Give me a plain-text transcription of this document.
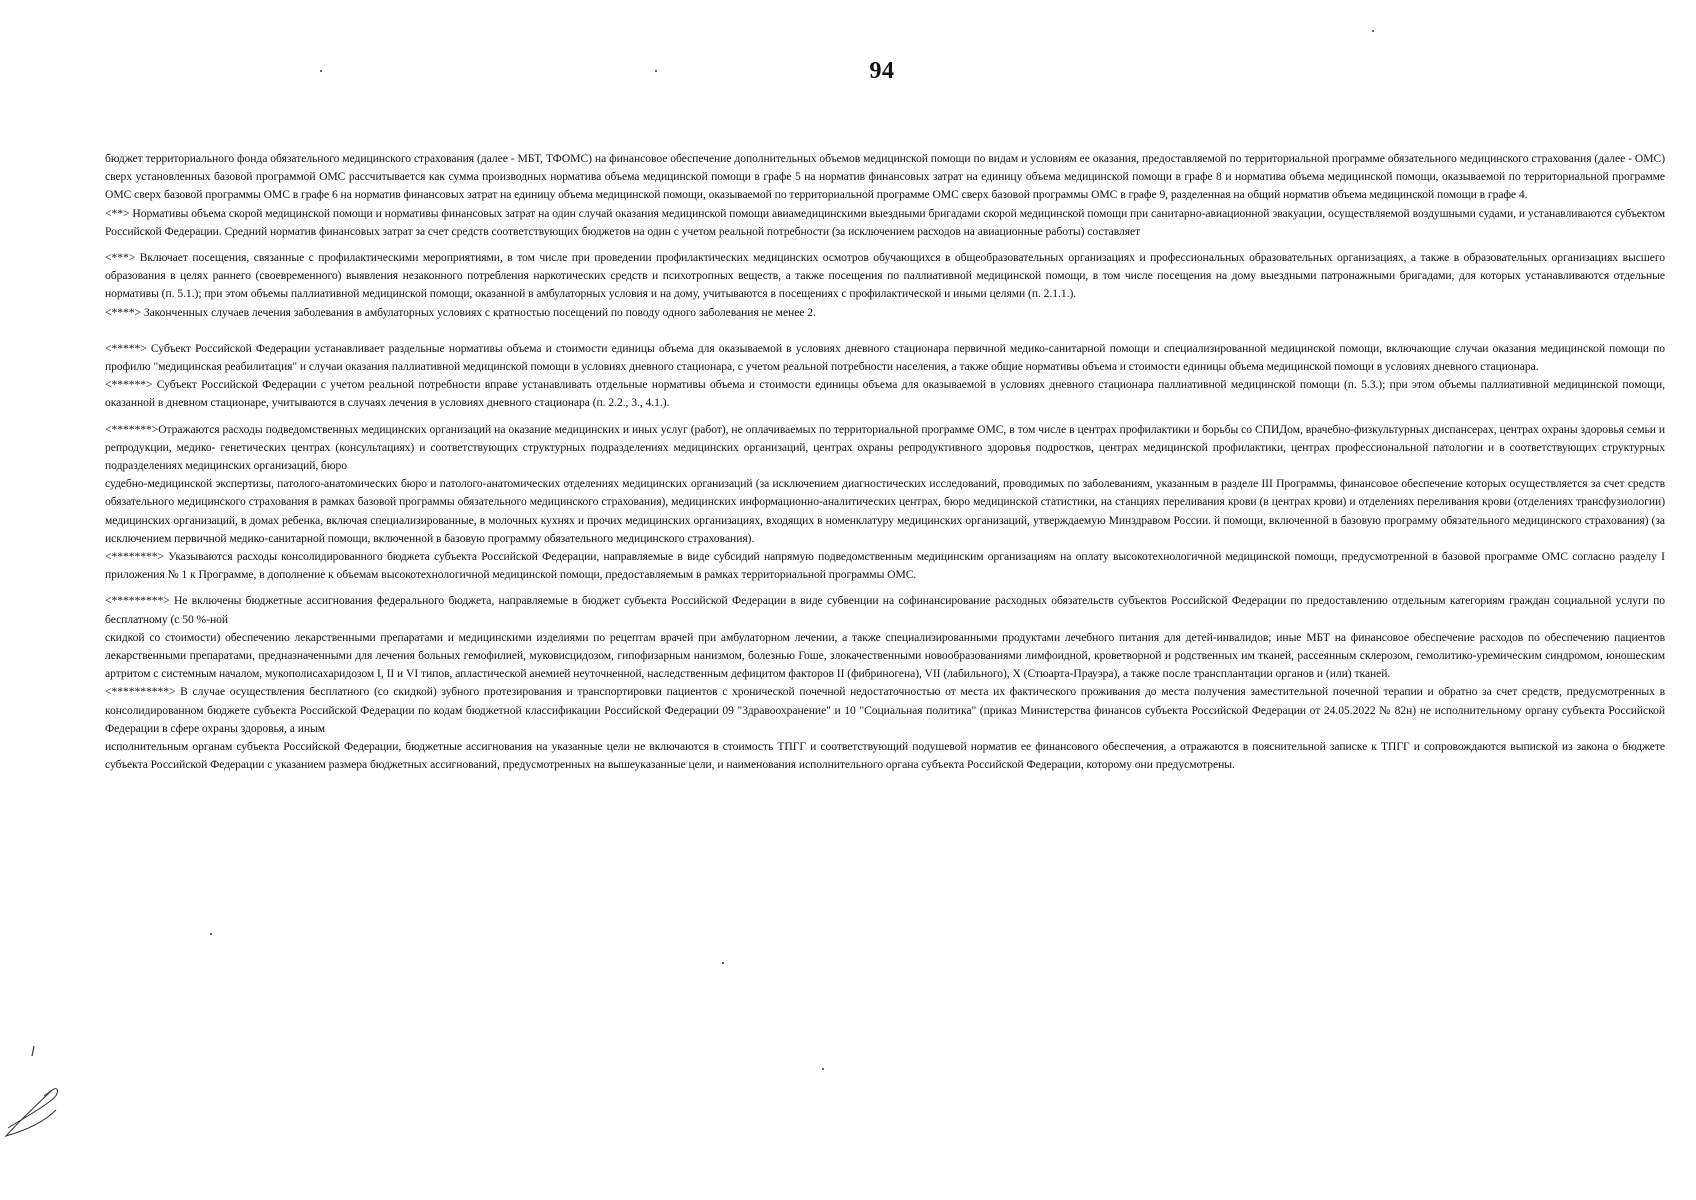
94

бюджет территориального фонда обязательного медицинского страхования (далее - МБТ, ТФОМС) на финансовое обеспечение дополнительных объемов медицинской помощи по видам и условиям ее оказания, предоставляемой по территориальной программе обязательного медицинского страхования (далее - ОМС) сверх установленных базовой программой ОМС рассчитывается как сумма производных норматива объема медицинской помощи в графе 5 на норматив финансовых затрат на единицу объема медицинской помощи в графе 8 и норматива объема медицинской помощи, оказываемой по территориальной программе ОМС сверх базовой программы ОМС в графе 6 на норматив финансовых затрат на единицу объема медицинской помощи, оказываемой по территориальной программе ОМС сверх базовой программы ОМС в графе 9, разделенная на общий норматив объема медицинской помощи в графе 4.

<**> Нормативы объема скорой медицинской помощи и нормативы финансовых затрат на один случай оказания медицинской помощи авиамедицинскими выездными бригадами скорой медицинской помощи при санитарно-авиационной эвакуации, осуществляемой воздушными судами, и устанавливаются субъектом Российской Федерации. Средний норматив финансовых затрат за счет средств соответствующих бюджетов на один с учетом реальной потребности (за исключением расходов на авиационные работы) составляет

<***> Включает посещения, связанные с профилактическими мероприятиями, в том числе при проведении профилактических медицинских осмотров обучающихся в общеобразовательных организациях и профессиональных образовательных организациях, а также в образовательных организациях высшего образования в целях раннего (своевременного) выявления незаконного потребления наркотических средств и психотропных веществ, а также посещения по паллиативной медицинской помощи, в том числе посещения на дому выездными патронажными бригадами, для которых устанавливаются отдельные нормативы (п. 5.1.); при этом объемы паллиативной медицинской помощи, оказанной в амбулаторных условия и на дому, учитываются в посещениях с профилактической и иными целями (п. 2.1.1.).

<****> Законченных случаев лечения заболевания в амбулаторных условиях с кратностью посещений по поводу одного заболевания не менее 2.

<*****> Субъект Российской Федерации устанавливает раздельные нормативы объема и стоимости единицы объема для оказываемой в условиях дневного стационара первичной медико-санитарной помощи и специализированной медицинской помощи, включающие случаи оказания медицинской помощи по профилю "медицинская реабилитация" и случаи оказания паллиативной медицинской помощи в условиях дневного стационара, с учетом реальной потребности населения, а также общие нормативы объема и стоимости единицы объема медицинской помощи в условиях дневного стационара.

<******> Субъект Российской Федерации с учетом реальной потребности вправе устанавливать отдельные нормативы объема и стоимости единицы объема для оказываемой в условиях дневного стационара паллиативной медицинской помощи (п. 5.3.); при этом объемы паллиативной медицинской помощи, оказанной в дневном стационаре, учитываются в случаях лечения в условиях дневного стационара (п. 2.2., 3., 4.1.).

<*******>Отражаются расходы подведомственных медицинских организаций на оказание медицинских и иных услуг (работ), не оплачиваемых по территориальной программе ОМС, в том числе в центрах профилактики и борьбы со СПИДом, врачебно-физкультурных диспансерах, центрах охраны здоровья семьи и репродукции, медико- генетических центрах (консультациях) и соответствующих структурных подразделениях медицинских организаций, центрах охраны репродуктивного здоровья подростков, центрах медицинской профилактики, центрах профессиональной патологии и в соответствующих структурных подразделениях медицинских организаций, бюро

судебно-медицинской экспертизы, патолого-анатомических бюро и патолого-анатомических отделениях медицинских организаций (за исключением диагностических исследований, проводимых по заболеваниям, указанным в разделе III Программы, финансовое обеспечение которых осуществляется за счет средств обязательного медицинского страхования в рамках базовой программы обязательного медицинского страхования), медицинских информационно-аналитических центрах, бюро медицинской статистики, на станциях переливания крови (в центрах крови) и отделениях переливания крови (отделениях трансфузиологии) медицинских организаций, в домах ребенка, включая специализированные, в молочных кухнях и прочих медицинских организациях, входящих в номенклатуру медицинских организаций, утверждаемую Минздравом России. й помощи, включенной в базовую программу обязательного медицинского страхования) (за исключением первичной медико-санитарной помощи, включенной в базовую программу обязательного медицинского страхования).

<********> Указываются расходы консолидированного бюджета субъекта Российской Федерации, направляемые в виде субсидий напрямую подведомственным медицинским организациям на оплату высокотехнологичной медицинской помощи, предусмотренной в базовой программе ОМС согласно разделу I приложения № 1 к Программе, в дополнение к объемам высокотехнологичной медицинской помощи, предоставляемым в рамках территориальной программы ОМС.

<*********> Не включены бюджетные ассигнования федерального бюджета, направляемые в бюджет субъекта Российской Федерации в виде субвенции на софинансирование расходных обязательств субъектов Российской Федерации по предоставлению отдельным категориям граждан социальной услуги по бесплатному (с 50 %-ной

скидкой со стоимости) обеспечению лекарственными препаратами и медицинскими изделиями по рецептам врачей при амбулаторном лечении, а также специализированными продуктами лечебного питания для детей-инвалидов; иные МБТ на финансовое обеспечение расходов по обеспечению пациентов лекарственными препаратами, предназначенными для лечения больных гемофилией, муковисцидозом, гипофизарным нанизмом, болезнью Гоше, злокачественными новообразованиями лимфоидной, кроветворной и родственных им тканей, рассеянным склерозом, гемолитико-уремическим синдромом, юношеским артритом с системным началом, мукополисахаридозом I, II и VI типов, апластической анемией неуточненной, наследственным дефицитом факторов II (фибриногена), VII (лабильного), X (Стюарта-Прауэра), а также после трансплантации органов и (или) тканей.

<**********> В случае осуществления бесплатного (со скидкой) зубного протезирования и транспортировки пациентов с хронической почечной недостаточностью от места их фактического проживания до места получения заместительной почечной терапии и обратно за счет средств, предусмотренных в консолидированном бюджете субъекта Российской Федерации по кодам бюджетной классификации Российской Федерации 09 "Здравоохранение" и 10 "Социальная политика" (приказ Министерства финансов субъекта Российской Федерации от 24.05.2022 № 82н) не исполнительному органу субъекта Российской Федерации в сфере охраны здоровья, а иным

исполнительным органам субъекта Российской Федерации, бюджетные ассигнования на указанные цели не включаются в стоимость ТПГГ и соответствующий подушевой норматив ее финансового обеспечения, а отражаются в пояснительной записке к ТПГГ и сопровождаются выпиской из закона о бюджете субъекта Российской Федерации с указанием размера бюджетных ассигнований, предусмотренных на вышеуказанные цели, и наименования исполнительного органа субъекта Российской Федерации, которому они предусмотрены.
